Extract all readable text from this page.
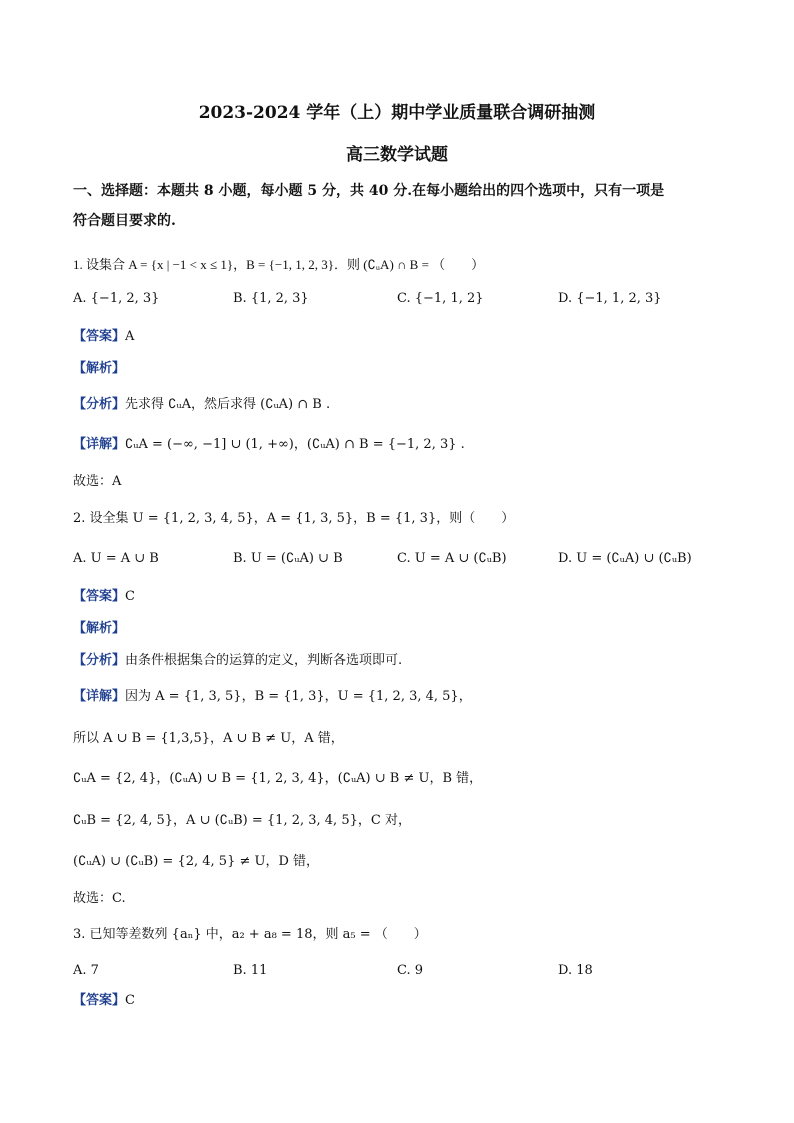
2023-2024 学年（上）期中学业质量联合调研抽测
高三数学试题
一、选择题：本题共 8 小题，每小题 5 分，共 40 分.在每小题给出的四个选项中，只有一项是
符合题目要求的.
1. 设集合 A = {x | −1 < x ≤ 1}，B = {−1, 1, 2, 3}．则 (∁ᵤA) ∩ B = （　　）
A. {−1, 2, 3}	B. {1, 2, 3}	C. {−1, 1, 2}	D. {−1, 1, 2, 3}
【答案】A
【解析】
【分析】先求得 ∁ᵤA，然后求得 (∁ᵤA) ∩ B .
【详解】∁ᵤA = (−∞, −1] ∪ (1, +∞)，(∁ᵤA) ∩ B = {−1, 2, 3} .
故选：A
2. 设全集 U = {1, 2, 3, 4, 5}，A = {1, 3, 5}，B = {1, 3}，则（　　）
A. U = A ∪ B	B. U = (∁ᵤA) ∪ B	C. U = A ∪ (∁ᵤB)	D. U = (∁ᵤA) ∪ (∁ᵤB)
【答案】C
【解析】
【分析】由条件根据集合的运算的定义，判断各选项即可.
【详解】因为 A = {1, 3, 5}，B = {1, 3}，U = {1, 2, 3, 4, 5}，
所以 A ∪ B = {1,3,5}，A ∪ B ≠ U，A 错，
∁ᵤA = {2, 4}，(∁ᵤA) ∪ B = {1, 2, 3, 4}，(∁ᵤA) ∪ B ≠ U，B 错，
∁ᵤB = {2, 4, 5}，A ∪ (∁ᵤB) = {1, 2, 3, 4, 5}，C 对，
(∁ᵤA) ∪ (∁ᵤB) = {2, 4, 5} ≠ U，D 错，
故选：C.
3. 已知等差数列 {aₙ} 中，a₂ + a₈ = 18，则 a₅ = （　　）
A. 7	B. 11	C. 9	D. 18
【答案】C
